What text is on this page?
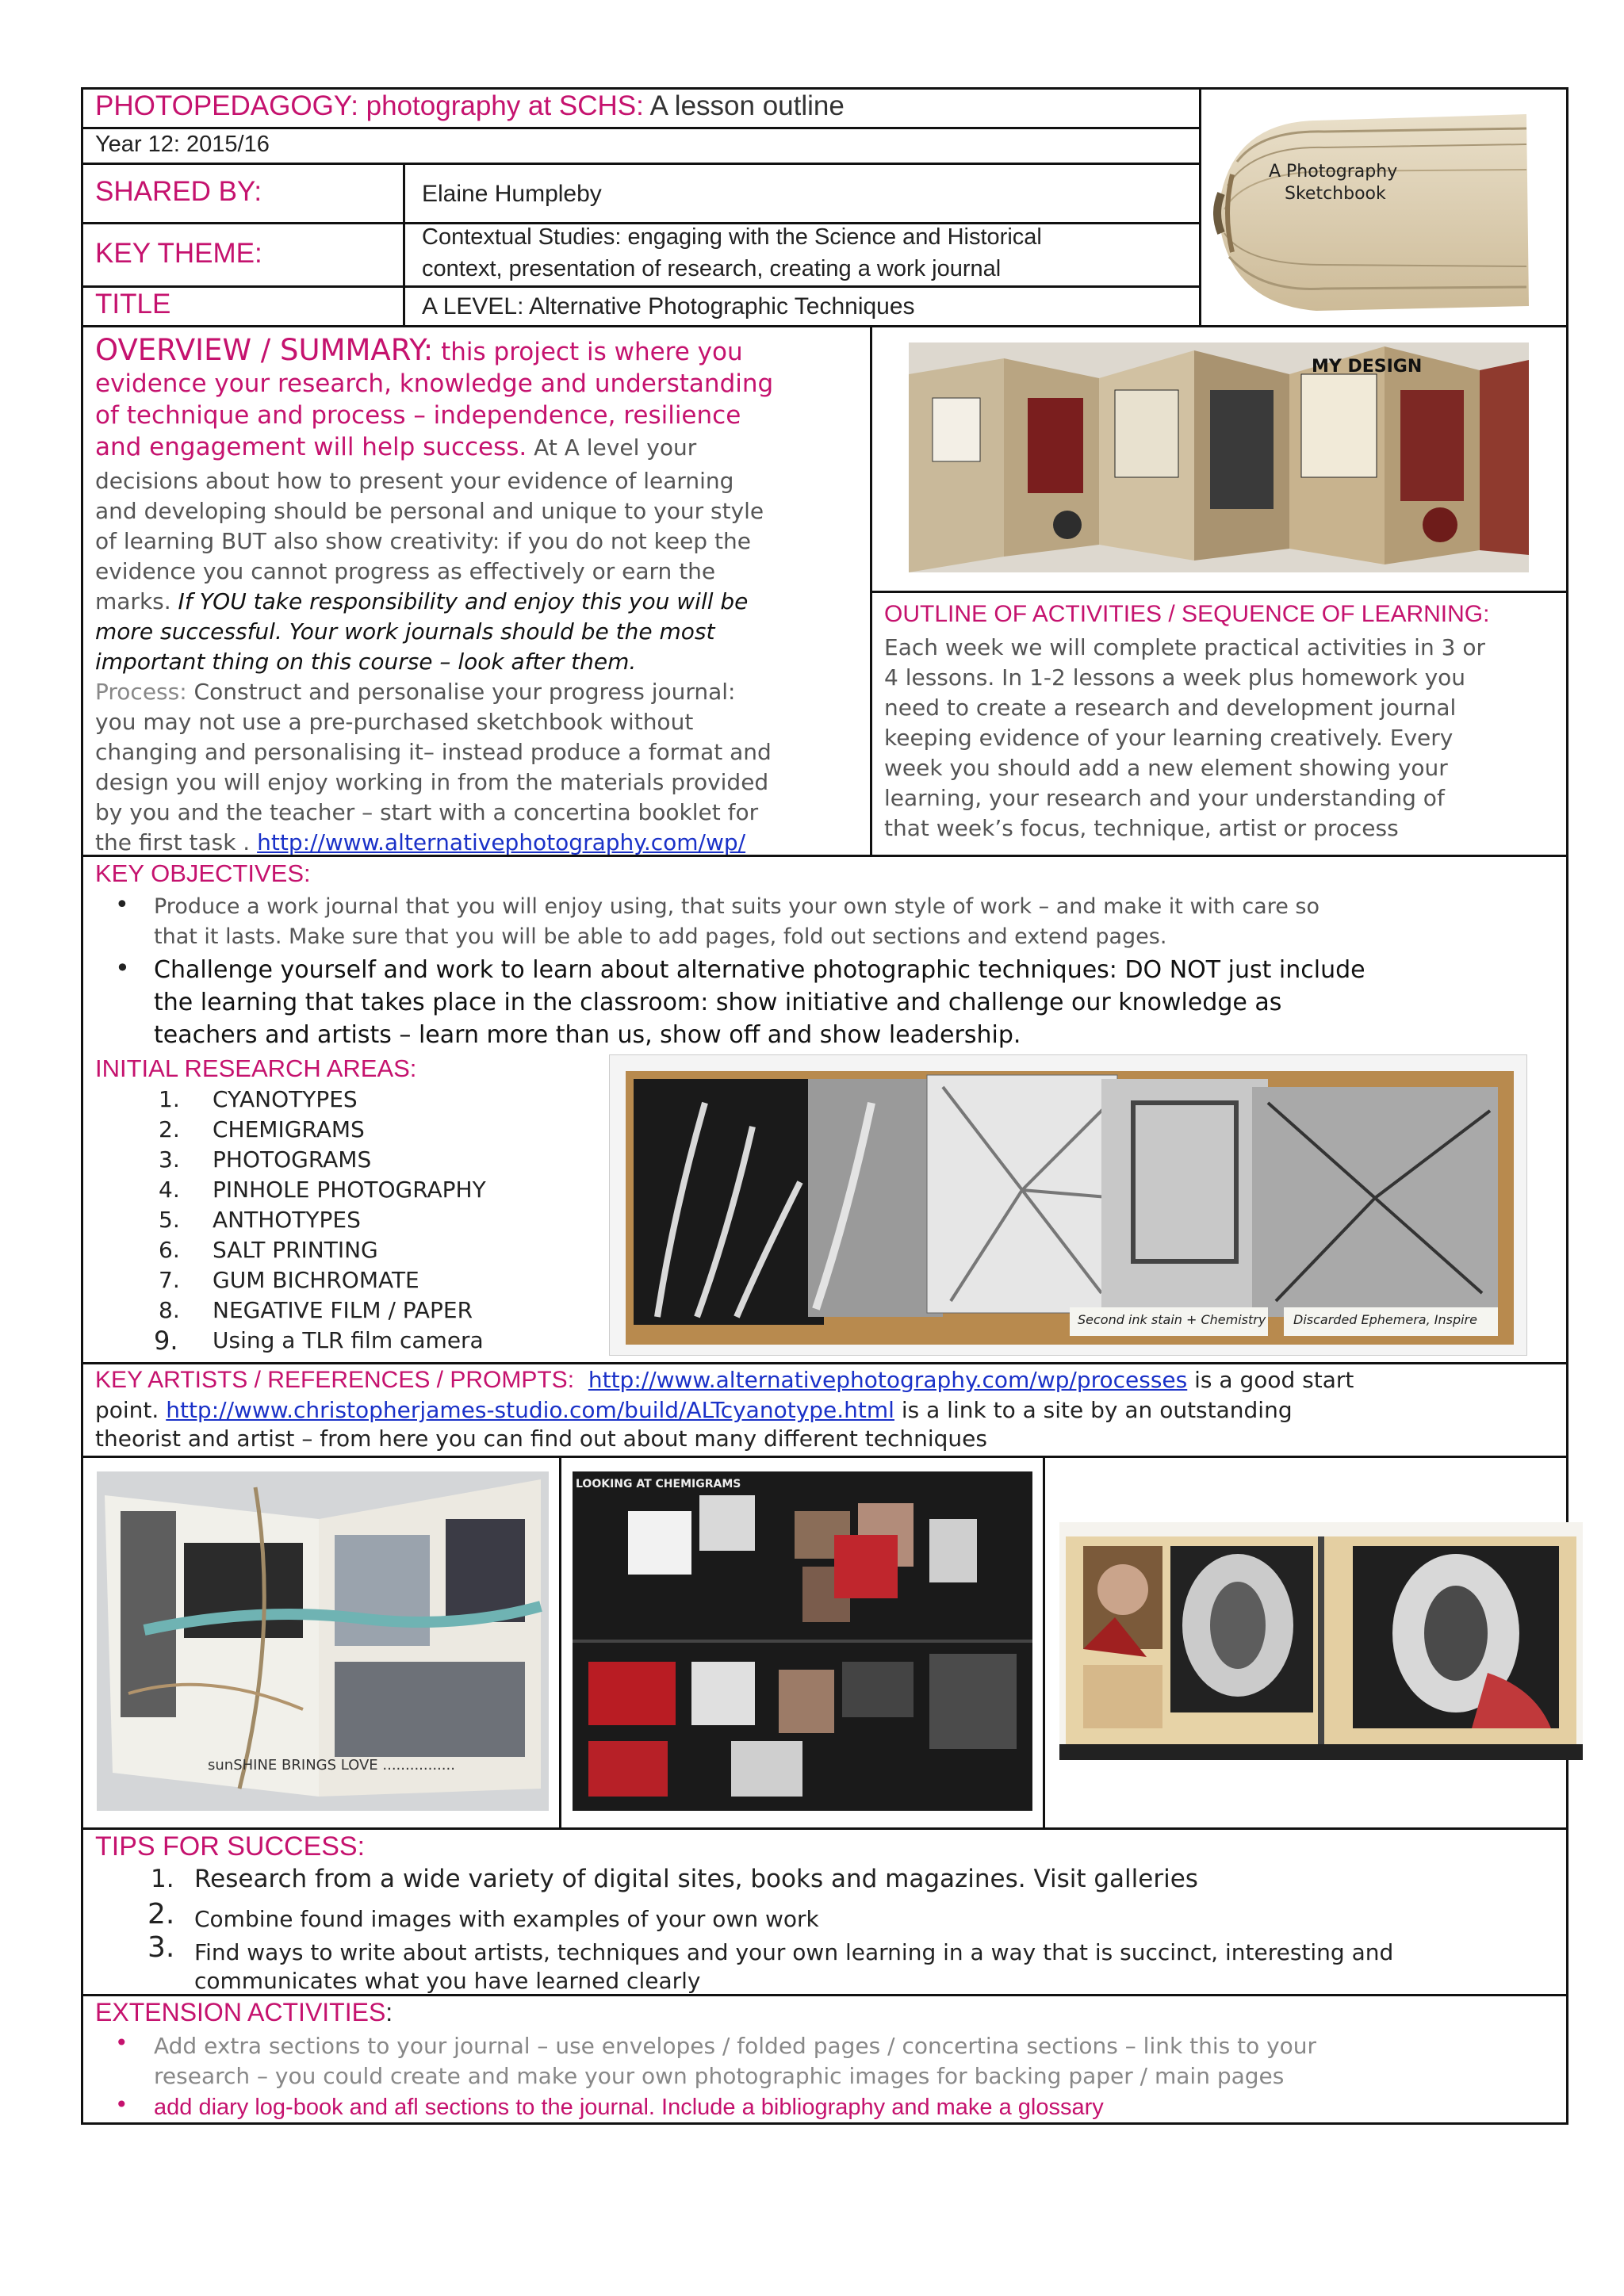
PHOTOPEDAGOGY: photography at SCHS: A lesson outline
Year 12: 2015/16
SHARED BY:	Elaine Humpleby
KEY THEME:
Contextual Studies: engaging with the Science and Historical
context, presentation of research, creating a work journal
TITLE	A LEVEL: Alternative Photographic Techniques
A Photography
Sketchbook
OVERVIEW / SUMMARY: this project is where you
evidence your research, knowledge and understanding
of technique and process – independence, resilience
and engagement will help success. At A level your
decisions about how to present your evidence of learning
and developing should be personal and unique to your style
of learning BUT also show creativity: if you do not keep the
evidence you cannot progress as effectively or earn the
marks. If YOU take responsibility and enjoy this you will be
more successful. Your work journals should be the most
important thing on this course – look after them.
Process: Construct and personalise your progress journal:
you may not use a pre-purchased sketchbook without
changing and personalising it– instead produce a format and
design you will enjoy working in from the materials provided
by you and the teacher – start with a concertina booklet for
the first task . http://www.alternativephotography.com/wp/
MY DESIGN
OUTLINE OF ACTIVITIES / SEQUENCE OF LEARNING:
Each week we will complete practical activities in 3 or
4 lessons. In 1-2 lessons a week plus homework you
need to create a research and development journal
keeping evidence of your learning creatively. Every
week you should add a new element showing your
learning, your research and your understanding of
that week’s focus, technique, artist or process
KEY OBJECTIVES:
• Produce a work journal that you will enjoy using, that suits your own style of work – and make it with care so
that it lasts. Make sure that you will be able to add pages, fold out sections and extend pages.
• Challenge yourself and work to learn about alternative photographic techniques: DO NOT just include
the learning that takes place in the classroom: show initiative and challenge our knowledge as
teachers and artists – learn more than us, show off and show leadership.
INITIAL RESEARCH AREAS:
1. CYANOTYPES
2. CHEMIGRAMS
3. PHOTOGRAMS
4. PINHOLE PHOTOGRAPHY
5. ANTHOTYPES
6. SALT PRINTING
7. GUM BICHROMATE
8. NEGATIVE FILM / PAPER
9. Using a TLR film camera
Second ink stain + Chemistry Discarded Ephemera, Inspire
KEY ARTISTS / REFERENCES / PROMPTS: http://www.alternativephotography.com/wp/processes is a good start
point. http://www.christopherjames-studio.com/build/ALTcyanotype.html is a link to a site by an outstanding
theorist and artist – from here you can find out about many different techniques
sunSHINE BRINGS LOVE ................
LOOKING AT CHEMIGRAMS
TIPS FOR SUCCESS:
1. Research from a wide variety of digital sites, books and magazines. Visit galleries
2. Combine found images with examples of your own work
3. Find ways to write about artists, techniques and your own learning in a way that is succinct, interesting and
communicates what you have learned clearly
EXTENSION ACTIVITIES:
• Add extra sections to your journal – use envelopes / folded pages / concertina sections – link this to your
research – you could create and make your own photographic images for backing paper / main pages
• add diary log-book and afl sections to the journal. Include a bibliography and make a glossary
